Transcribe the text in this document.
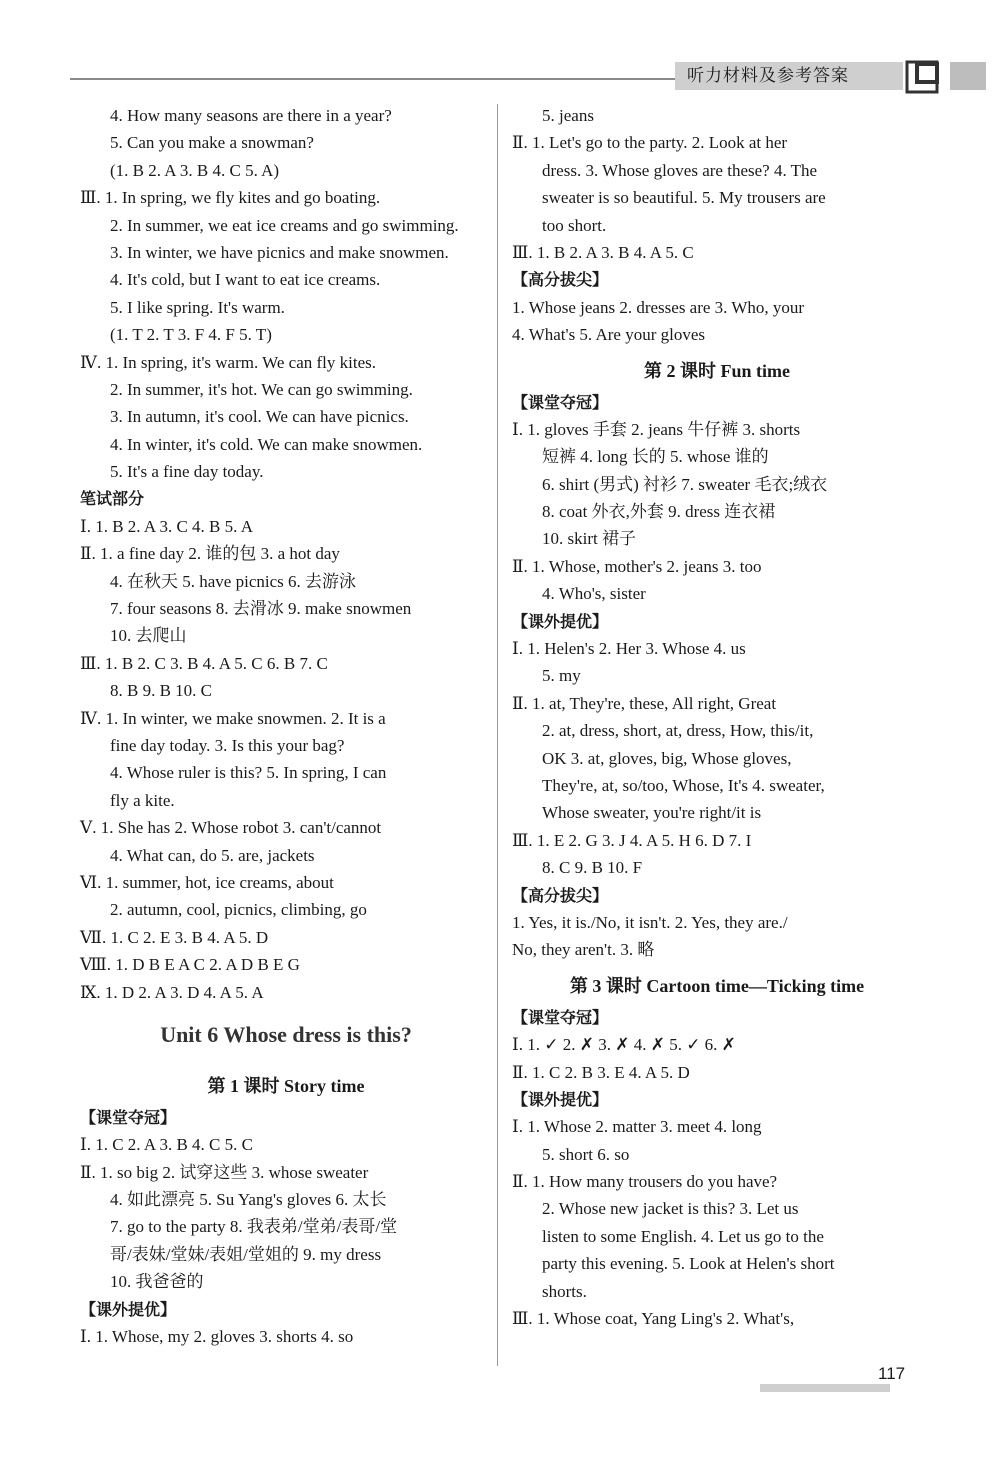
听力材料及参考答案
4. How many seasons are there in a year?
5. Can you make a snowman?
(1. B 2. A 3. B 4. C 5. A)
Ⅲ. 1. In spring, we fly kites and go boating.
2. In summer, we eat ice creams and go swimming.
3. In winter, we have picnics and make snowmen.
4. It's cold, but I want to eat ice creams.
5. I like spring. It's warm.
(1. T 2. T 3. F 4. F 5. T)
Ⅳ. 1. In spring, it's warm. We can fly kites.
2. In summer, it's hot. We can go swimming.
3. In autumn, it's cool. We can have picnics.
4. In winter, it's cold. We can make snowmen.
5. It's a fine day today.
笔试部分
Ⅰ. 1. B 2. A 3. C 4. B 5. A
Ⅱ. 1. a fine day 2. 谁的包 3. a hot day
4. 在秋天 5. have picnics 6. 去游泳
7. four seasons 8. 去滑冰 9. make snowmen
10. 去爬山
Ⅲ. 1. B 2. C 3. B 4. A 5. C 6. B 7. C
8. B 9. B 10. C
Ⅳ. 1. In winter, we make snowmen. 2. It is a
fine day today. 3. Is this your bag?
4. Whose ruler is this? 5. In spring, I can
fly a kite.
Ⅴ. 1. She has 2. Whose robot 3. can't/cannot
4. What can, do 5. are, jackets
Ⅵ. 1. summer, hot, ice creams, about
2. autumn, cool, picnics, climbing, go
Ⅶ. 1. C 2. E 3. B 4. A 5. D
Ⅷ. 1. D B E A C 2. A D B E G
Ⅸ. 1. D 2. A 3. D 4. A 5. A
Unit 6 Whose dress is this?
第 1 课时 Story time
【课堂夺冠】
Ⅰ. 1. C 2. A 3. B 4. C 5. C
Ⅱ. 1. so big 2. 试穿这些 3. whose sweater
4. 如此漂亮 5. Su Yang's gloves 6. 太长
7. go to the party 8. 我表弟/堂弟/表哥/堂
哥/表妹/堂妹/表姐/堂姐的 9. my dress
10. 我爸爸的
【课外提优】
Ⅰ. 1. Whose, my 2. gloves 3. shorts 4. so
5. jeans
Ⅱ. 1. Let's go to the party. 2. Look at her
dress. 3. Whose gloves are these? 4. The
sweater is so beautiful. 5. My trousers are
too short.
Ⅲ. 1. B 2. A 3. B 4. A 5. C
【高分拔尖】
1. Whose jeans 2. dresses are 3. Who, your
4. What's 5. Are your gloves
第 2 课时 Fun time
【课堂夺冠】
Ⅰ. 1. gloves 手套 2. jeans 牛仔裤 3. shorts
短裤 4. long 长的 5. whose 谁的
6. shirt (男式) 衬衫 7. sweater 毛衣;绒衣
8. coat 外衣,外套 9. dress 连衣裙
10. skirt 裙子
Ⅱ. 1. Whose, mother's 2. jeans 3. too
4. Who's, sister
【课外提优】
Ⅰ. 1. Helen's 2. Her 3. Whose 4. us
5. my
Ⅱ. 1. at, They're, these, All right, Great
2. at, dress, short, at, dress, How, this/it,
OK 3. at, gloves, big, Whose gloves,
They're, at, so/too, Whose, It's 4. sweater,
Whose sweater, you're right/it is
Ⅲ. 1. E 2. G 3. J 4. A 5. H 6. D 7. I
8. C 9. B 10. F
【高分拔尖】
1. Yes, it is./No, it isn't. 2. Yes, they are./
No, they aren't. 3. 略
第 3 课时 Cartoon time—Ticking time
【课堂夺冠】
Ⅰ. 1. ✓ 2. ✗ 3. ✗ 4. ✗ 5. ✓ 6. ✗
Ⅱ. 1. C 2. B 3. E 4. A 5. D
【课外提优】
Ⅰ. 1. Whose 2. matter 3. meet 4. long
5. short 6. so
Ⅱ. 1. How many trousers do you have?
2. Whose new jacket is this? 3. Let us
listen to some English. 4. Let us go to the
party this evening. 5. Look at Helen's short
shorts.
Ⅲ. 1. Whose coat, Yang Ling's 2. What's,
117
